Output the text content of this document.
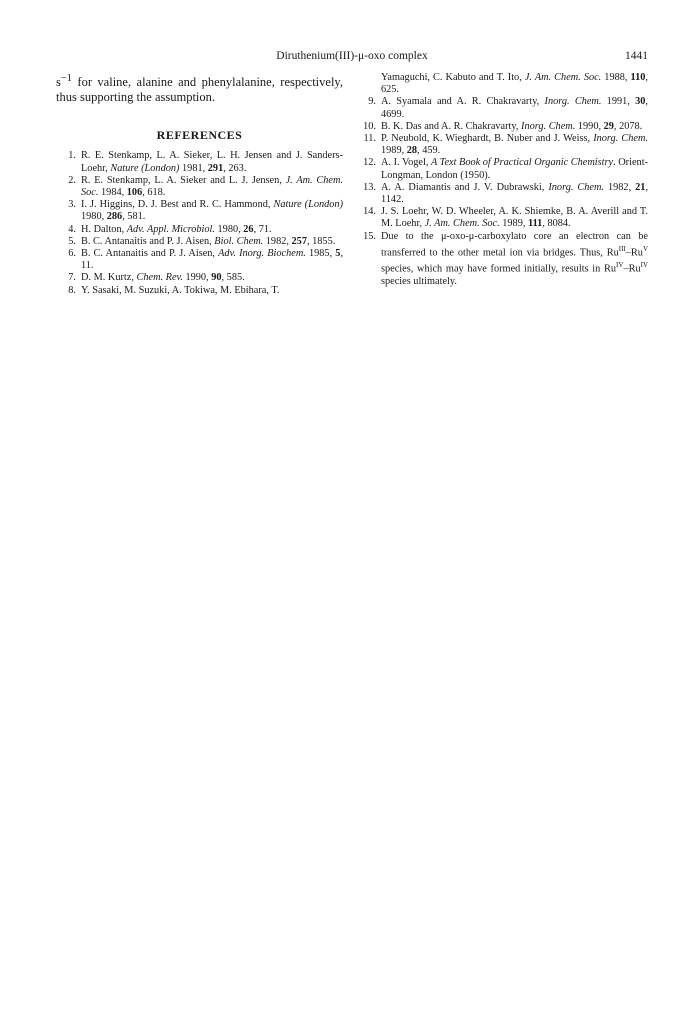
Diruthenium(III)-μ-oxo complex	1441

$s^{-1}$ for valine, alanine and phenylalanine, respectively, thus supporting the assumption.

REFERENCES
1. R. E. Stenkamp, L. A. Sieker, L. H. Jensen and J. Sanders-Loehr, Nature (London) 1981, 291, 263.
2. R. E. Stenkamp, L. A. Sieker and L. J. Jensen, J. Am. Chem. Soc. 1984, 106, 618.
3. I. J. Higgins, D. J. Best and R. C. Hammond, Nature (London) 1980, 286, 581.
4. H. Dalton, Adv. Appl. Microbiol. 1980, 26, 71.
5. B. C. Antanaitis and P. J. Aisen, Biol. Chem. 1982, 257, 1855.
6. B. C. Antanaitis and P. J. Aisen, Adv. Inorg. Biochem. 1985, 5, 11.
7. D. M. Kurtz, Chem. Rev. 1990, 90, 585.
8. Y. Sasaki, M. Suzuki, A. Tokiwa, M. Ebihara, T.
Yamaguchi, C. Kabuto and T. Ito, J. Am. Chem. Soc. 1988, 110, 625.
9. A. Syamala and A. R. Chakravarty, Inorg. Chem. 1991, 30, 4699.
10. B. K. Das and A. R. Chakravarty, Inorg. Chem. 1990, 29, 2078.
11. P. Neubold, K. Wieghardt, B. Nuber and J. Weiss, Inorg. Chem. 1989, 28, 459.
12. A. I. Vogel, A Text Book of Practical Organic Chemistry. Orient-Longman, London (1950).
13. A. A. Diamantis and J. V. Dubrawski, Inorg. Chem. 1982, 21, 1142.
14. J. S. Loehr, W. D. Wheeler, A. K. Shiemke, B. A. Averill and T. M. Loehr, J. Am. Chem. Soc. 1989, 111, 8084.
15. Due to the μ-oxo-μ-carboxylato core an electron can be transferred to the other metal ion via bridges. Thus, $Ru^{III}-Ru^V$ species, which may have formed initially, results in $Ru^{IV}-Ru^{IV}$ species ultimately.
